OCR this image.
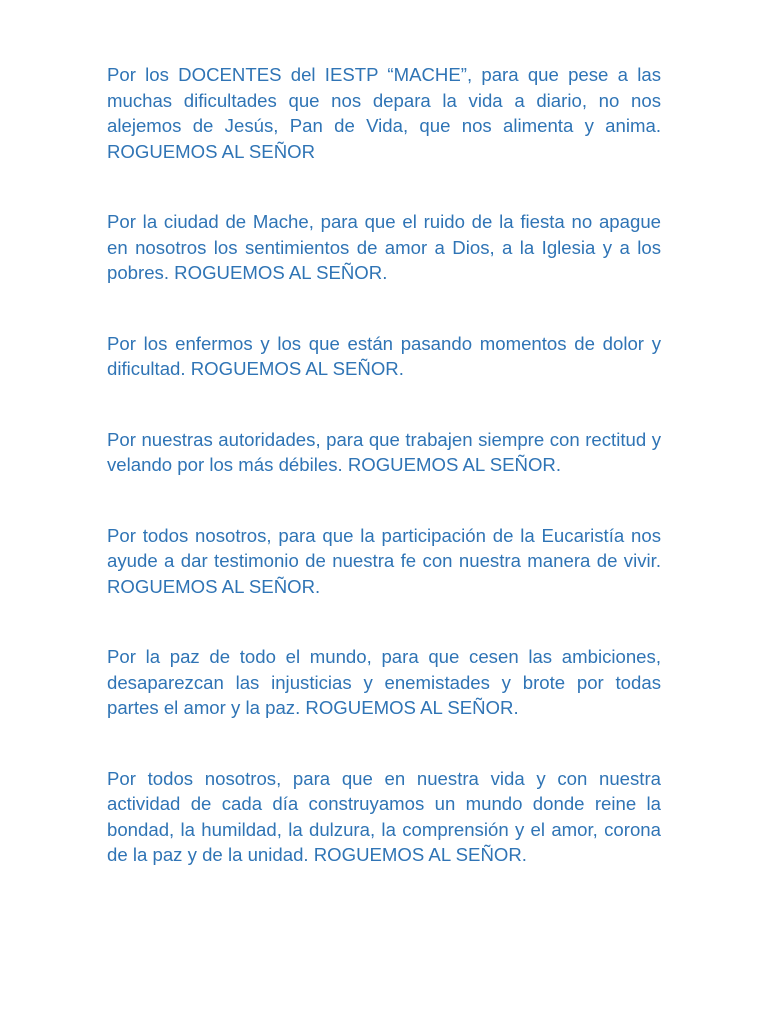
Por los DOCENTES del IESTP “MACHE”, para que pese a las muchas dificultades que nos depara la vida a diario, no nos alejemos de Jesús, Pan de Vida, que nos alimenta y anima. ROGUEMOS AL SEÑOR

Por la ciudad de Mache, para que el ruido de la fiesta no apague en nosotros los sentimientos de amor a Dios, a la Iglesia y a los pobres. ROGUEMOS AL SEÑOR.

Por los enfermos y los que están pasando momentos de dolor y dificultad. ROGUEMOS AL SEÑOR.

Por nuestras autoridades, para que trabajen siempre con rectitud y velando por los más débiles. ROGUEMOS AL SEÑOR.

Por todos nosotros, para que la participación de la Eucaristía nos ayude a dar testimonio de nuestra fe con nuestra manera de vivir. ROGUEMOS AL SEÑOR.

Por la paz de todo el mundo, para que cesen las ambiciones, desaparezcan las injusticias y enemistades y brote por todas partes el amor y la paz. ROGUEMOS AL SEÑOR.

Por todos nosotros, para que en nuestra vida y con nuestra actividad de cada día construyamos un mundo donde reine la bondad, la humildad, la dulzura, la comprensión y el amor, corona de la paz y de la unidad. ROGUEMOS AL SEÑOR.
